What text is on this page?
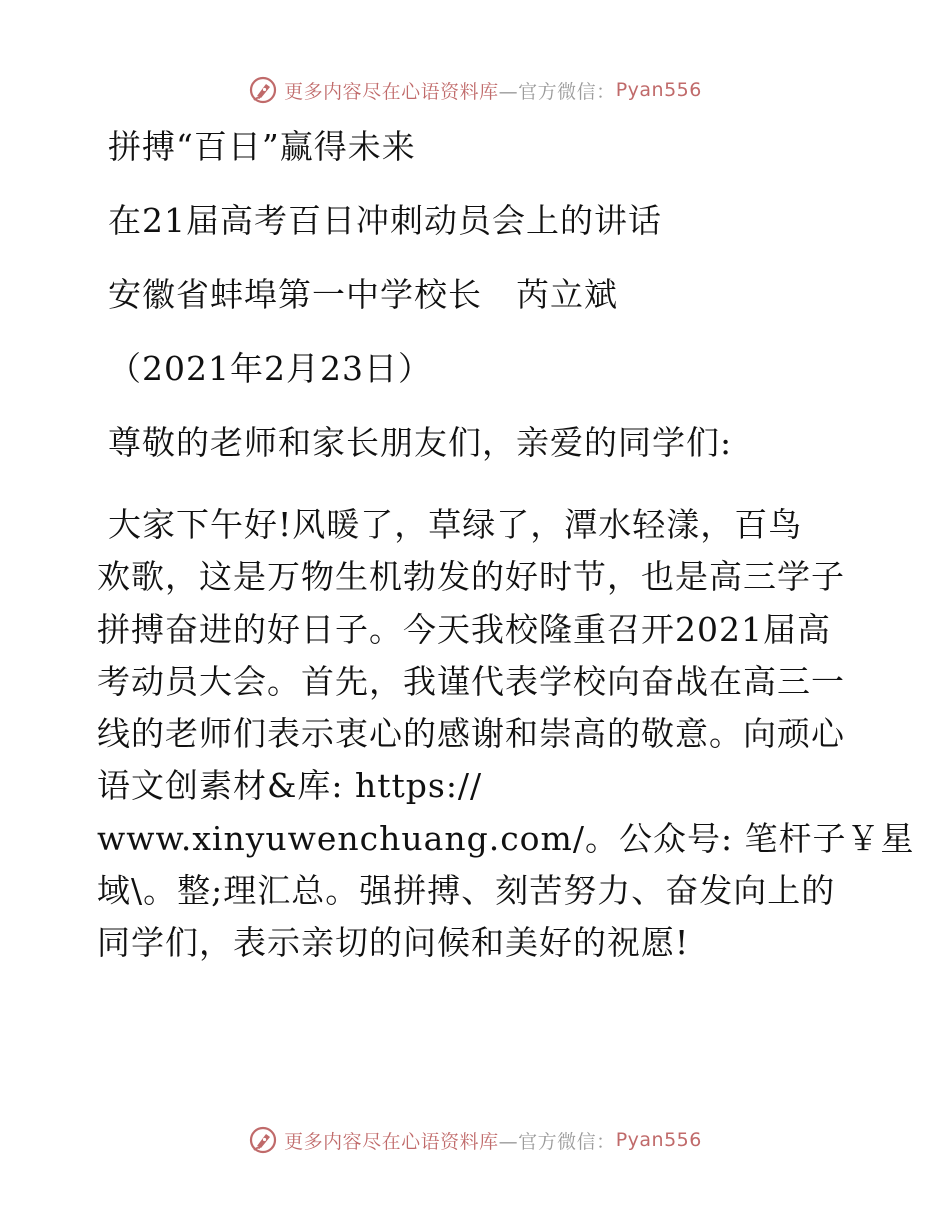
更多内容尽在心语资料库 —官方微信： Pyan556
拼搏“百日”赢得未来
在21届高考百日冲刺动员会上的讲话
安徽省蚌埠第一中学校长　芮立斌
（2021年2月23日）
尊敬的老师和家长朋友们，亲爱的同学们:
大家下午好!风暖了，草绿了，潭水轻漾，百鸟
欢歌，这是万物生机勃发的好时节，也是高三学子
拼搏奋进的好日子。今天我校隆重召开2021届高
考动员大会。首先，我谨代表学校向奋战在高三一
线的老师们表示衷心的感谢和崇高的敬意。向顽心
语文创素材&库: https://
www.xinyuwenchuang.com/。公众号: 笔杆子￥星
域\。整;理汇总。强拼搏、刻苦努力、奋发向上的
同学们，表示亲切的问候和美好的祝愿!
更多内容尽在心语资料库 —官方微信： Pyan556
